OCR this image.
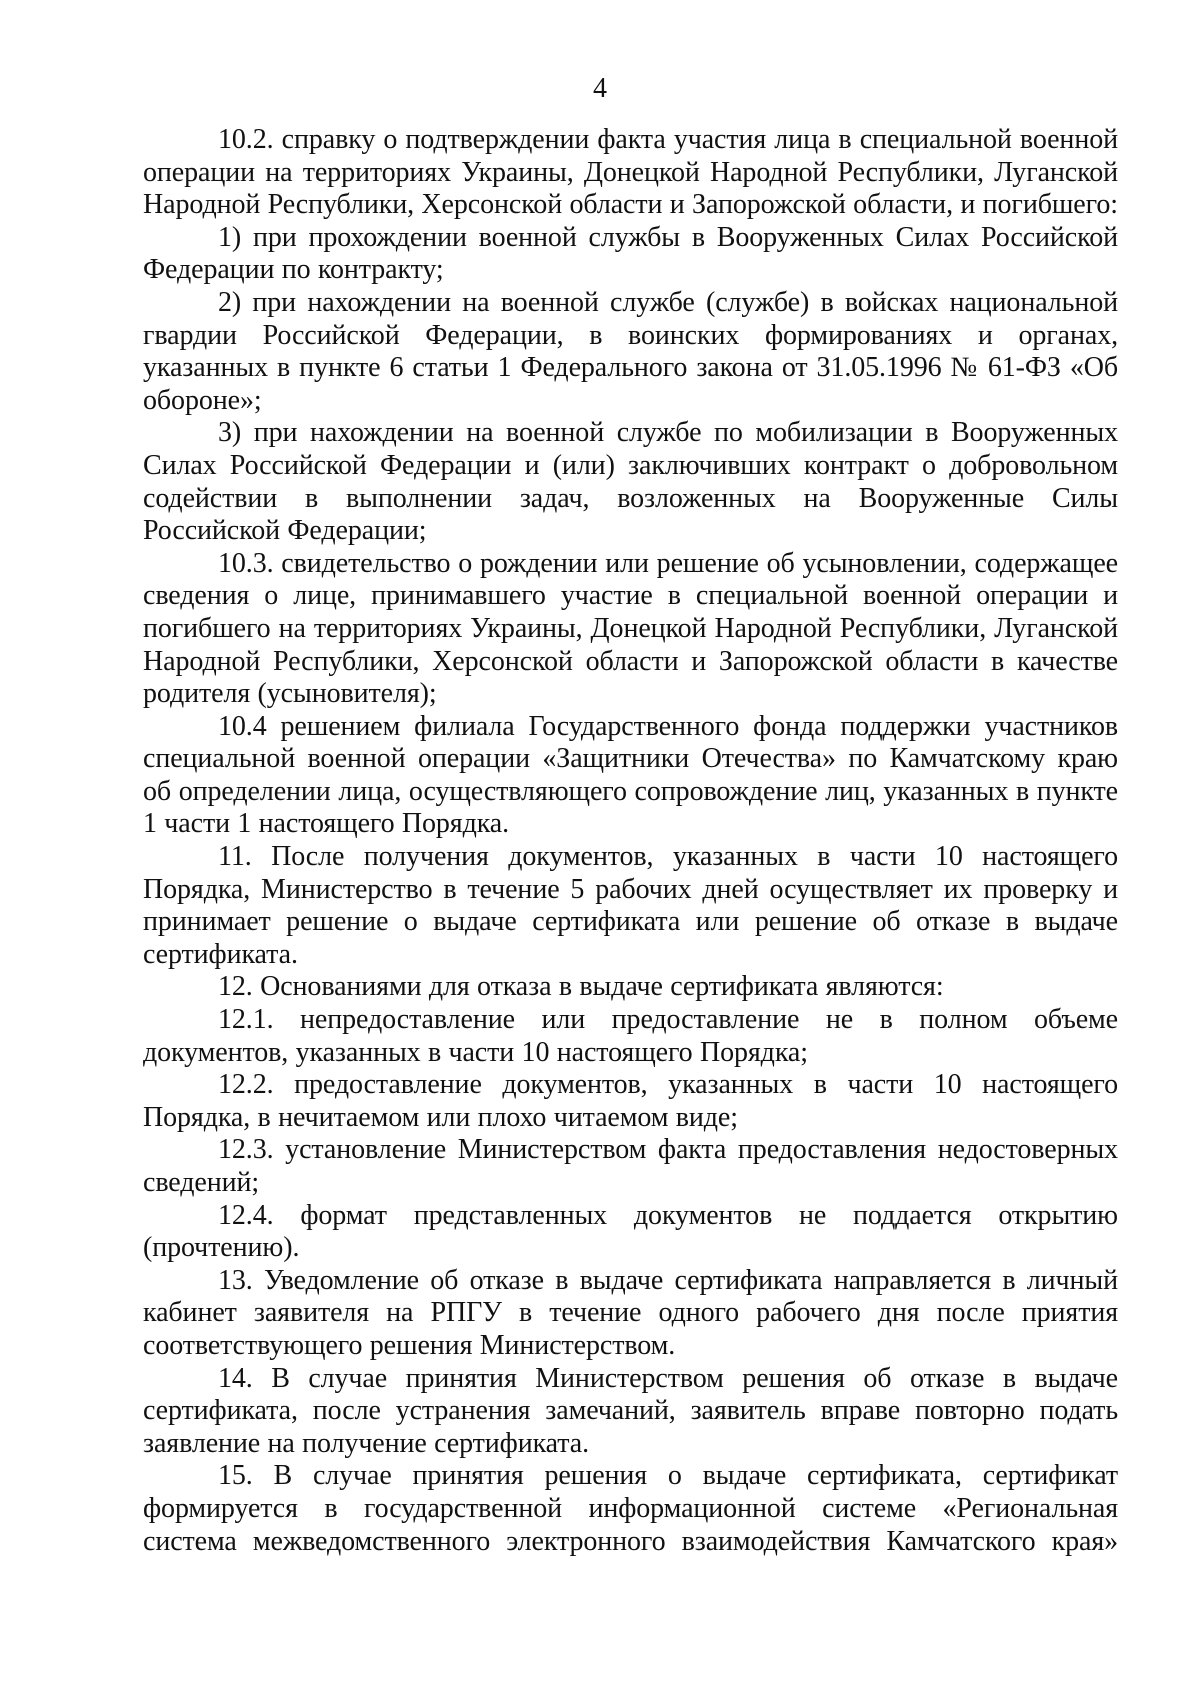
4

10.2. справку о подтверждении факта участия лица в специальной военной операции на территориях Украины, Донецкой Народной Республики, Луганской Народной Республики, Херсонской области и Запорожской области, и погибшего:

1) при прохождении военной службы в Вооруженных Силах Российской Федерации по контракту;

2) при нахождении на военной службе (службе) в войсках национальной гвардии Российской Федерации, в воинских формированиях и органах, указанных в пункте 6 статьи 1 Федерального закона от 31.05.1996 № 61-ФЗ «Об обороне»;

3) при нахождении на военной службе по мобилизации в Вооруженных Силах Российской Федерации и (или) заключивших контракт о добровольном содействии в выполнении задач, возложенных на Вооруженные Силы Российской Федерации;

10.3. свидетельство о рождении или решение об усыновлении, содержащее сведения о лице, принимавшего участие в специальной военной операции и погибшего на территориях Украины, Донецкой Народной Республики, Луганской Народной Республики, Херсонской области и Запорожской области в качестве родителя (усыновителя);

10.4 решением филиала Государственного фонда поддержки участников специальной военной операции «Защитники Отечества» по Камчатскому краю об определении лица, осуществляющего сопровождение лиц, указанных в пункте 1 части 1 настоящего Порядка.

11. После получения документов, указанных в части 10 настоящего Порядка, Министерство в течение 5 рабочих дней осуществляет их проверку и принимает решение о выдаче сертификата или решение об отказе в выдаче сертификата.

12. Основаниями для отказа в выдаче сертификата являются:

12.1. непредоставление или предоставление не в полном объеме документов, указанных в части 10 настоящего Порядка;

12.2. предоставление документов, указанных в части 10 настоящего Порядка, в нечитаемом или плохо читаемом виде;

12.3. установление Министерством факта предоставления недостоверных сведений;

12.4. формат представленных документов не поддается открытию (прочтению).

13. Уведомление об отказе в выдаче сертификата направляется в личный кабинет заявителя на РПГУ в течение одного рабочего дня после приятия соответствующего решения Министерством.

14. В случае принятия Министерством решения об отказе в выдаче сертификата, после устранения замечаний, заявитель вправе повторно подать заявление на получение сертификата.

15. В случае принятия решения о выдаче сертификата, сертификат формируется в государственной информационной системе «Региональная система межведомственного электронного взаимодействия Камчатского края»
